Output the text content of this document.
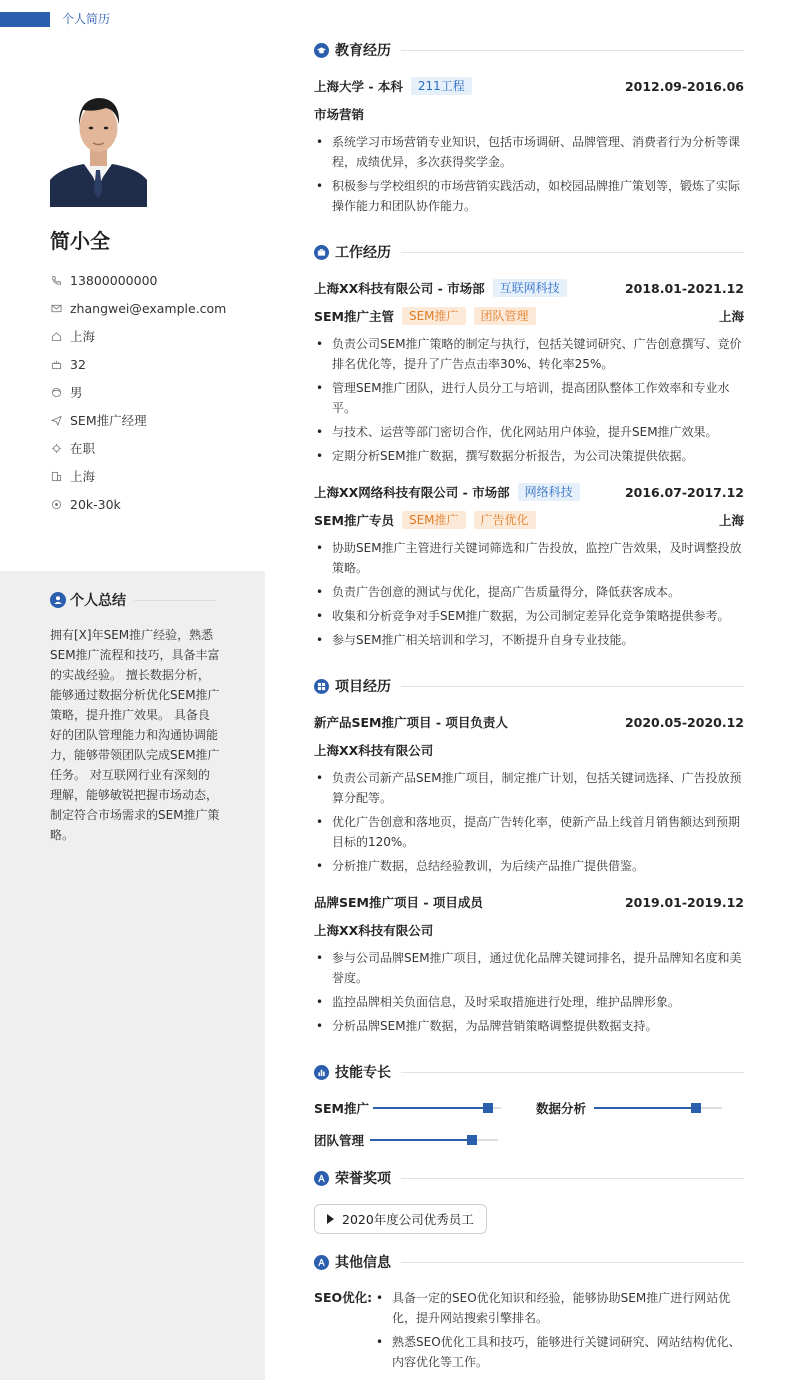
个人简历
简小全
13800000000
zhangwei@example.com
上海
32
男
SEM推广经理
在职
上海
20k-30k
个人总结
拥有[X]年SEM推广经验，熟悉SEM推广流程和技巧，具备丰富的实战经验。 擅长数据分析，能够通过数据分析优化SEM推广策略，提升推广效果。 具备良好的团队管理能力和沟通协调能力，能够带领团队完成SEM推广任务。 对互联网行业有深刻的理解，能够敏锐把握市场动态，制定符合市场需求的SEM推广策略。
教育经历
上海大学 - 本科	211工程	2012.09-2016.06
市场营销
• 系统学习市场营销专业知识，包括市场调研、品牌管理、消费者行为分析等课程，成绩优异，多次获得奖学金。
• 积极参与学校组织的市场营销实践活动，如校园品牌推广策划等，锻炼了实际操作能力和团队协作能力。
工作经历
上海XX科技有限公司 - 市场部	互联网科技	2018.01-2021.12
SEM推广主管	SEM推广	团队管理	上海
• 负责公司SEM推广策略的制定与执行，包括关键词研究、广告创意撰写、竞价排名优化等，提升了广告点击率30%、转化率25%。
• 管理SEM推广团队，进行人员分工与培训，提高团队整体工作效率和专业水平。
• 与技术、运营等部门密切合作，优化网站用户体验，提升SEM推广效果。
• 定期分析SEM推广数据，撰写数据分析报告，为公司决策提供依据。
上海XX网络科技有限公司 - 市场部	网络科技	2016.07-2017.12
SEM推广专员	SEM推广	广告优化	上海
• 协助SEM推广主管进行关键词筛选和广告投放，监控广告效果，及时调整投放策略。
• 负责广告创意的测试与优化，提高广告质量得分，降低获客成本。
• 收集和分析竞争对手SEM推广数据，为公司制定差异化竞争策略提供参考。
• 参与SEM推广相关培训和学习，不断提升自身专业技能。
项目经历
新产品SEM推广项目 - 项目负责人	2020.05-2020.12
上海XX科技有限公司
• 负责公司新产品SEM推广项目，制定推广计划，包括关键词选择、广告投放预算分配等。
• 优化广告创意和落地页，提高广告转化率，使新产品上线首月销售额达到预期目标的120%。
• 分析推广数据，总结经验教训，为后续产品推广提供借鉴。
品牌SEM推广项目 - 项目成员	2019.01-2019.12
上海XX科技有限公司
• 参与公司品牌SEM推广项目，通过优化品牌关键词排名，提升品牌知名度和美誉度。
• 监控品牌相关负面信息，及时采取措施进行处理，维护品牌形象。
• 分析品牌SEM推广数据，为品牌营销策略调整提供数据支持。
技能专长
SEM推广	数据分析
团队管理
荣誉奖项
2020年度公司优秀员工
其他信息
SEO优化:
•	具备一定的SEO优化知识和经验，能够协助SEM推广进行网站优化，提升网站搜索引擎排名。
• 熟悉SEO优化工具和技巧，能够进行关键词研究、网站结构优化、内容优化等工作。
